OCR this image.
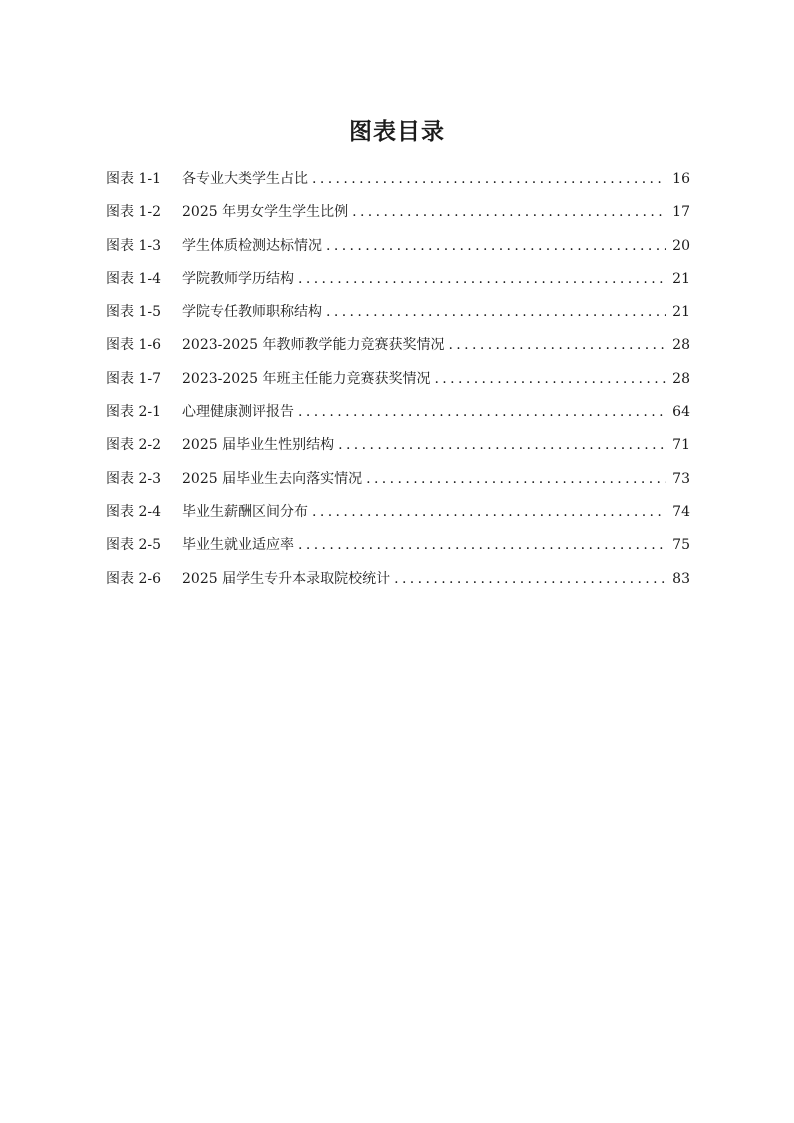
图表目录
图表 1-1	各专业大类学生占比 .....	16
图表 1-2	2025 年男女学生学生比例 .....	17
图表 1-3	学生体质检测达标情况 .....	20
图表 1-4	学院教师学历结构 .....	21
图表 1-5	学院专任教师职称结构 .....	21
图表 1-6	2023-2025 年教师教学能力竞赛获奖情况 .....	28
图表 1-7	2023-2025 年班主任能力竞赛获奖情况 .....	28
图表 2-1	心理健康测评报告 .....	64
图表 2-2	2025 届毕业生性别结构 .....	71
图表 2-3	2025 届毕业生去向落实情况 .....	73
图表 2-4	毕业生薪酬区间分布 .....	74
图表 2-5	毕业生就业适应率 .....	75
图表 2-6	2025 届学生专升本录取院校统计 .....	83
